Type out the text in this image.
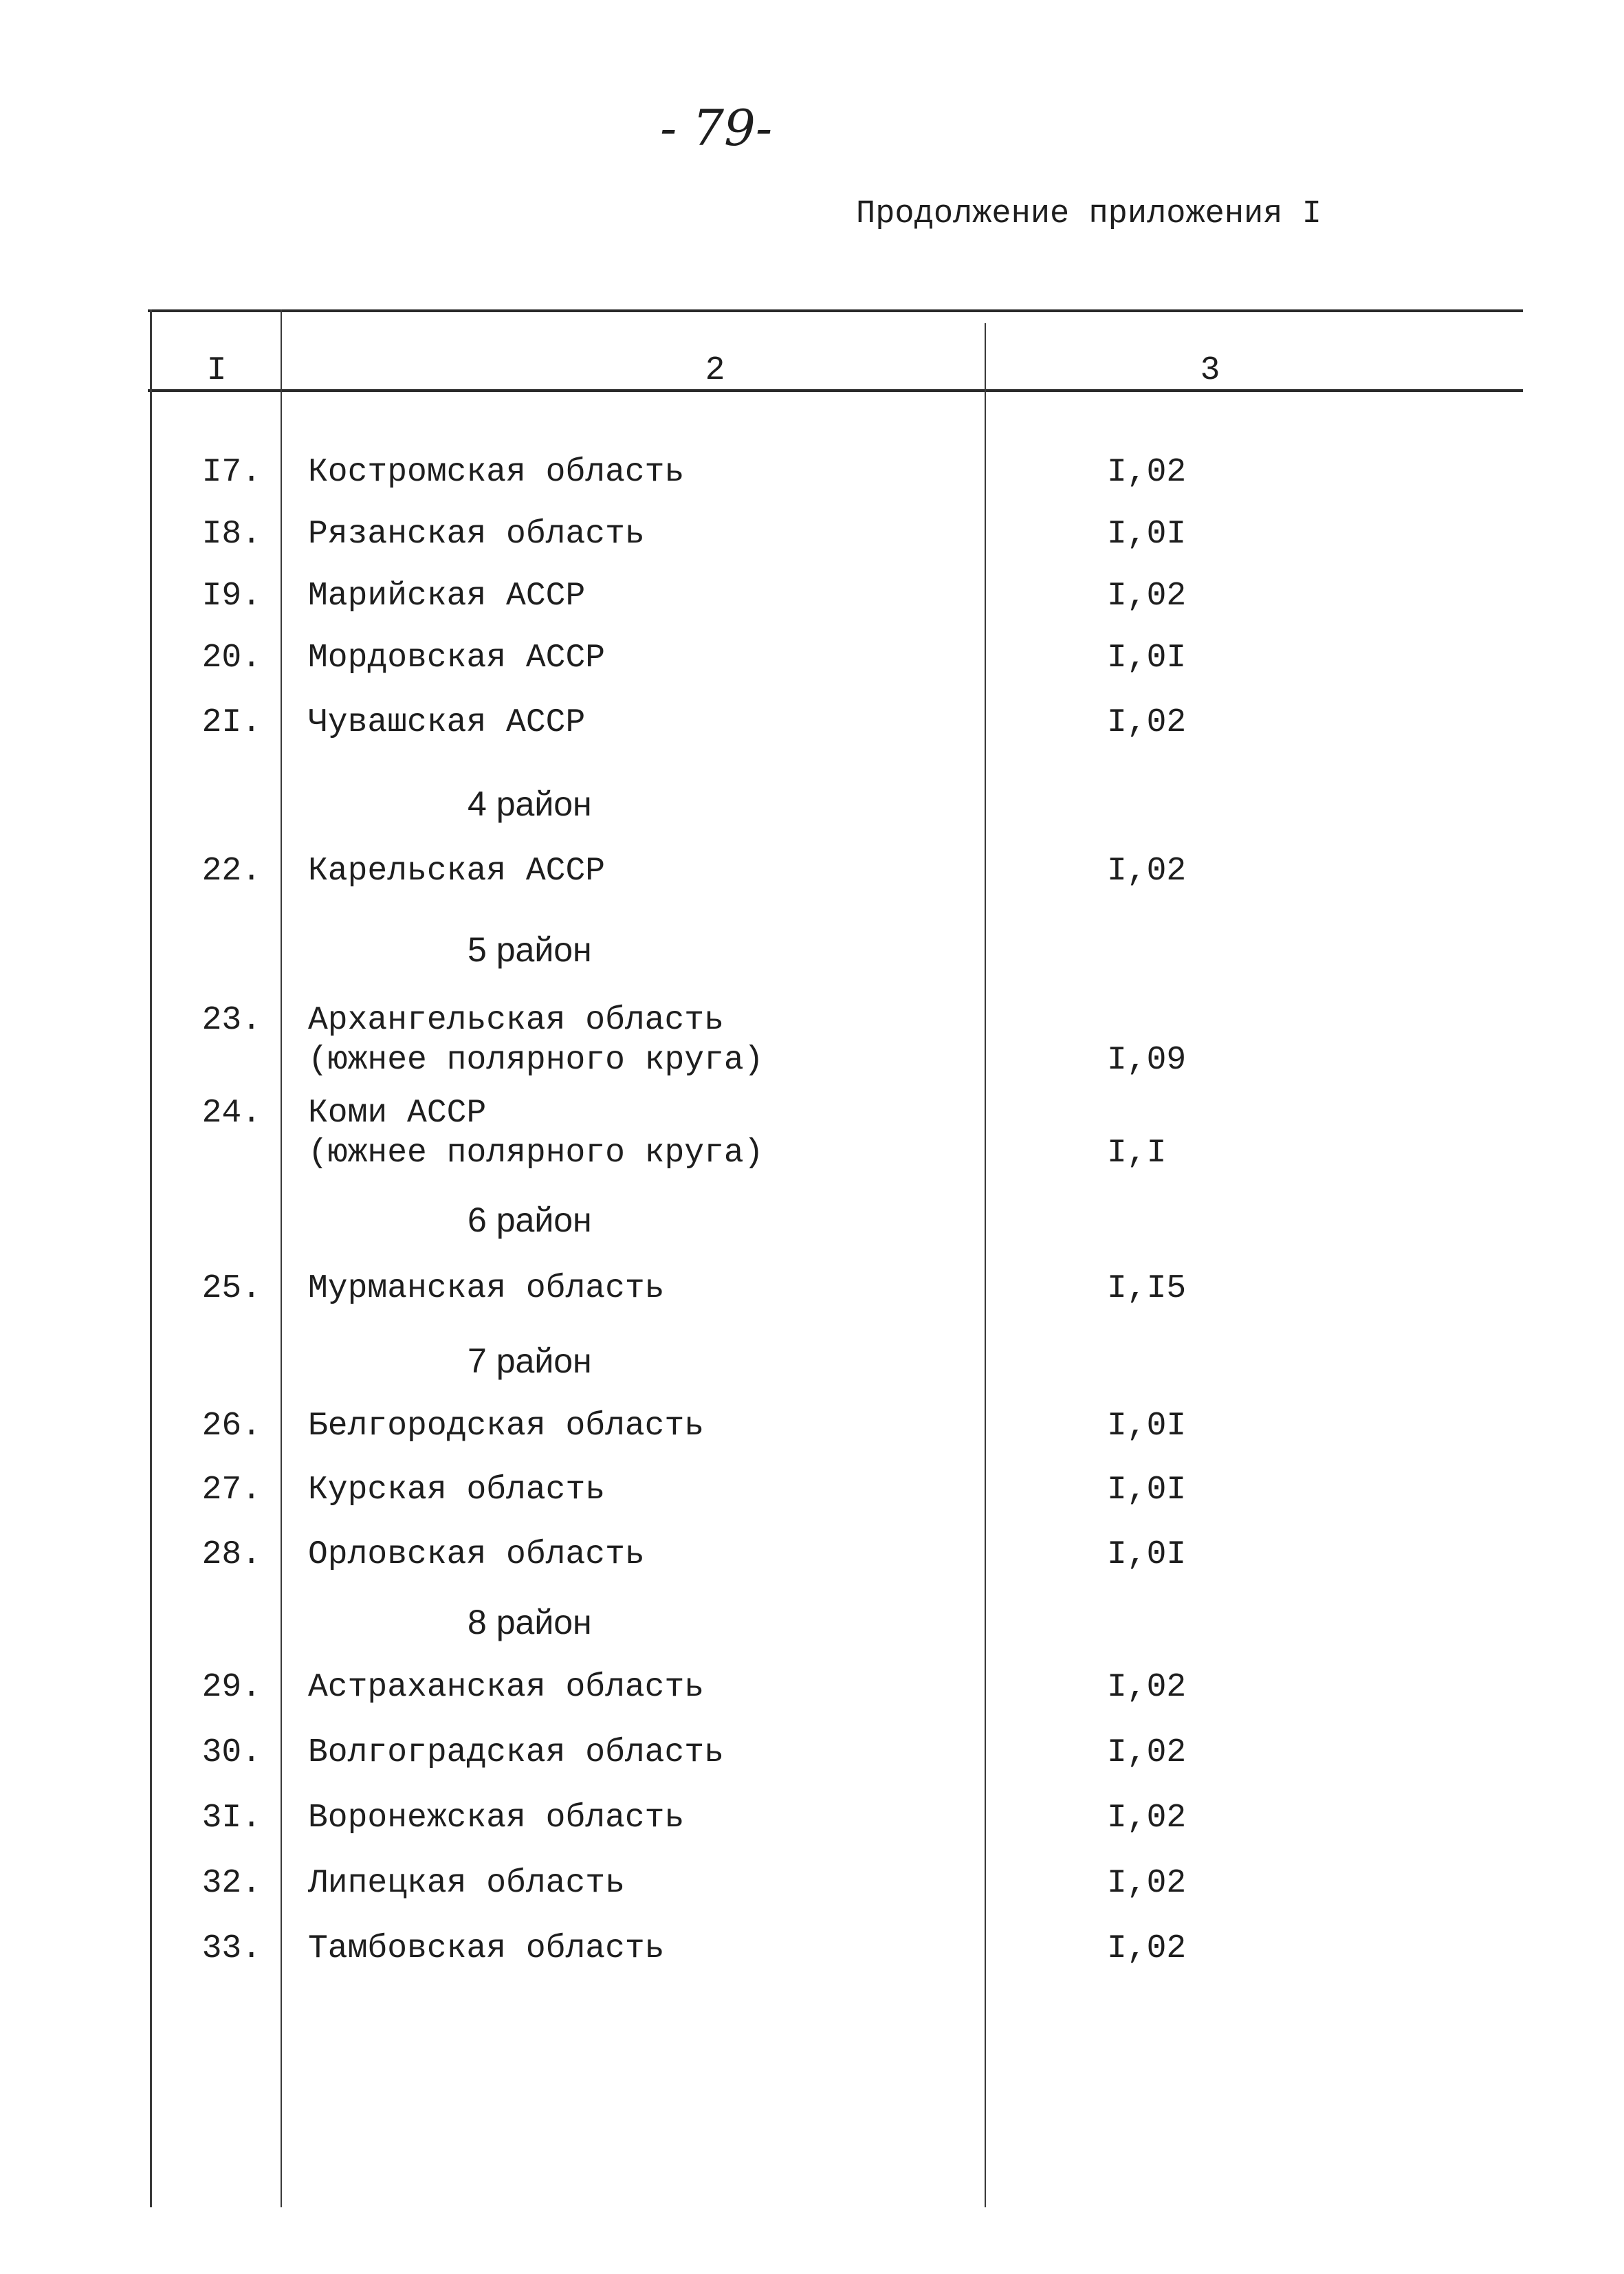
- 79-
Продолжение приложения I
I	2	3
I7. Костромская область	I,02
I8. Рязанская область	I,0I
I9. Марийская АССР	I,02
20. Мордовская АССР	I,0I
2I. Чувашская АССР	I,02
4 район
22. Карельская АССР	I,02
5 район
23. Архангельская область
(южнее полярного круга)	I,09
24. Коми АССР
(южнее полярного круга)	I,I
6 район
25. Мурманская область	I,I5
7 район
26. Белгородская область	I,0I
27. Курская область	I,0I
28. Орловская область	I,0I
8 район
29. Астраханская область	I,02
30. Волгоградская область	I,02
3I. Воронежская область	I,02
32. Липецкая область	I,02
33. Тамбовская область	I,02
